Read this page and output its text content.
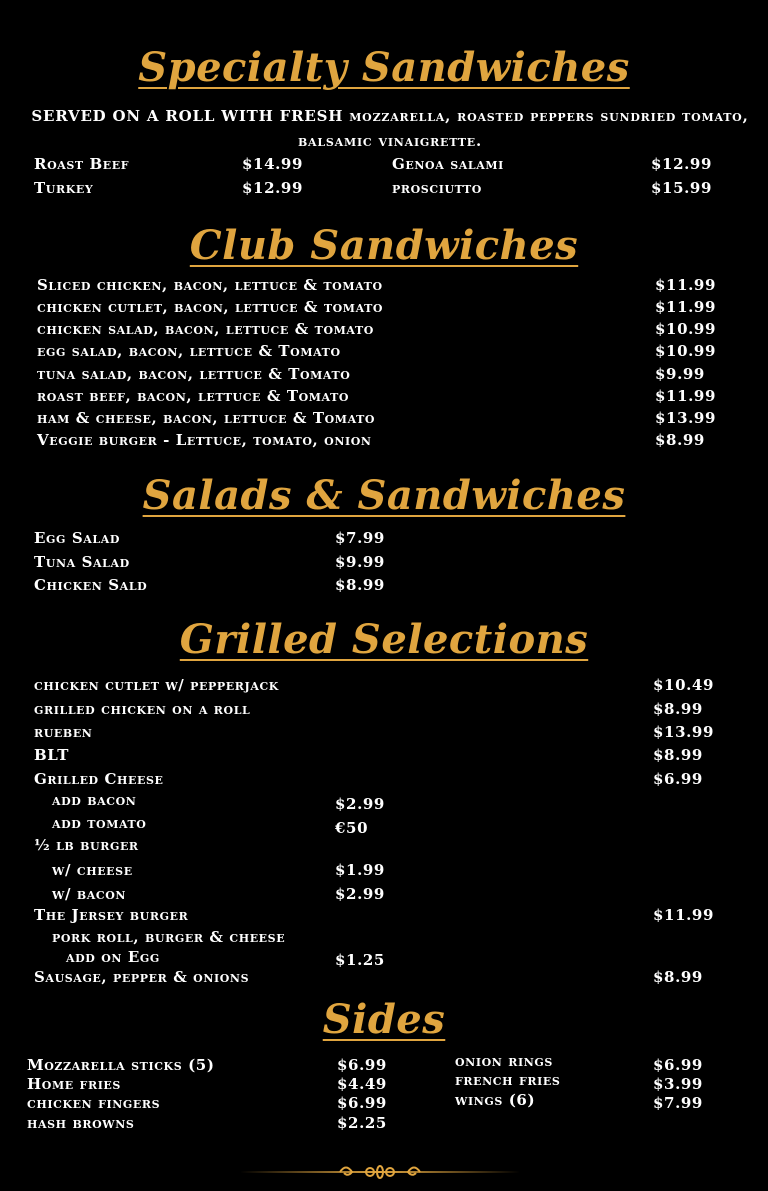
Specialty Sandwiches
SERVED ON A ROLL WITH FRESH mozzarella, roasted peppers sundried tomato, balsamic vinaigrette.
Roast Beef	$14.99
Turkey	$12.99
Genoa salami	$12.99
prosciutto	$15.99
Club Sandwiches
Sliced chicken, bacon, lettuce & tomato	$11.99
chicken cutlet, bacon, lettuce & tomato	$11.99
chicken salad, bacon, lettuce & tomato	$10.99
egg salad, bacon, lettuce & Tomato	$10.99
tuna salad, bacon, lettuce & Tomato	$9.99
roast beef, bacon, lettuce & Tomato	$11.99
ham & cheese, bacon, lettuce & Tomato	$13.99
Veggie burger - Lettuce, tomato, onion	$8.99
Salads & Sandwiches
Egg Salad	$7.99
Tuna Salad	$9.99
Chicken Sald	$8.99
Grilled Selections
chicken cutlet w/ pepperjack	$10.49
grilled chicken on a roll	$8.99
rueben	$13.99
BLT	$8.99
Grilled Cheese	$6.99
add bacon	$2.99
add tomato	€50
½ lb burger
w/ cheese	$1.99
w/ bacon	$2.99
The Jersey burger	$11.99
pork roll, burger & cheese
add on Egg	$1.25
Sausage, pepper & onions	$8.99
Sides
Mozzarella sticks (5)	$6.99
Home fries	$4.49
chicken fingers	$6.99
hash browns	$2.25
onion rings	$6.99
french fries	$3.99
wings (6)	$7.99
